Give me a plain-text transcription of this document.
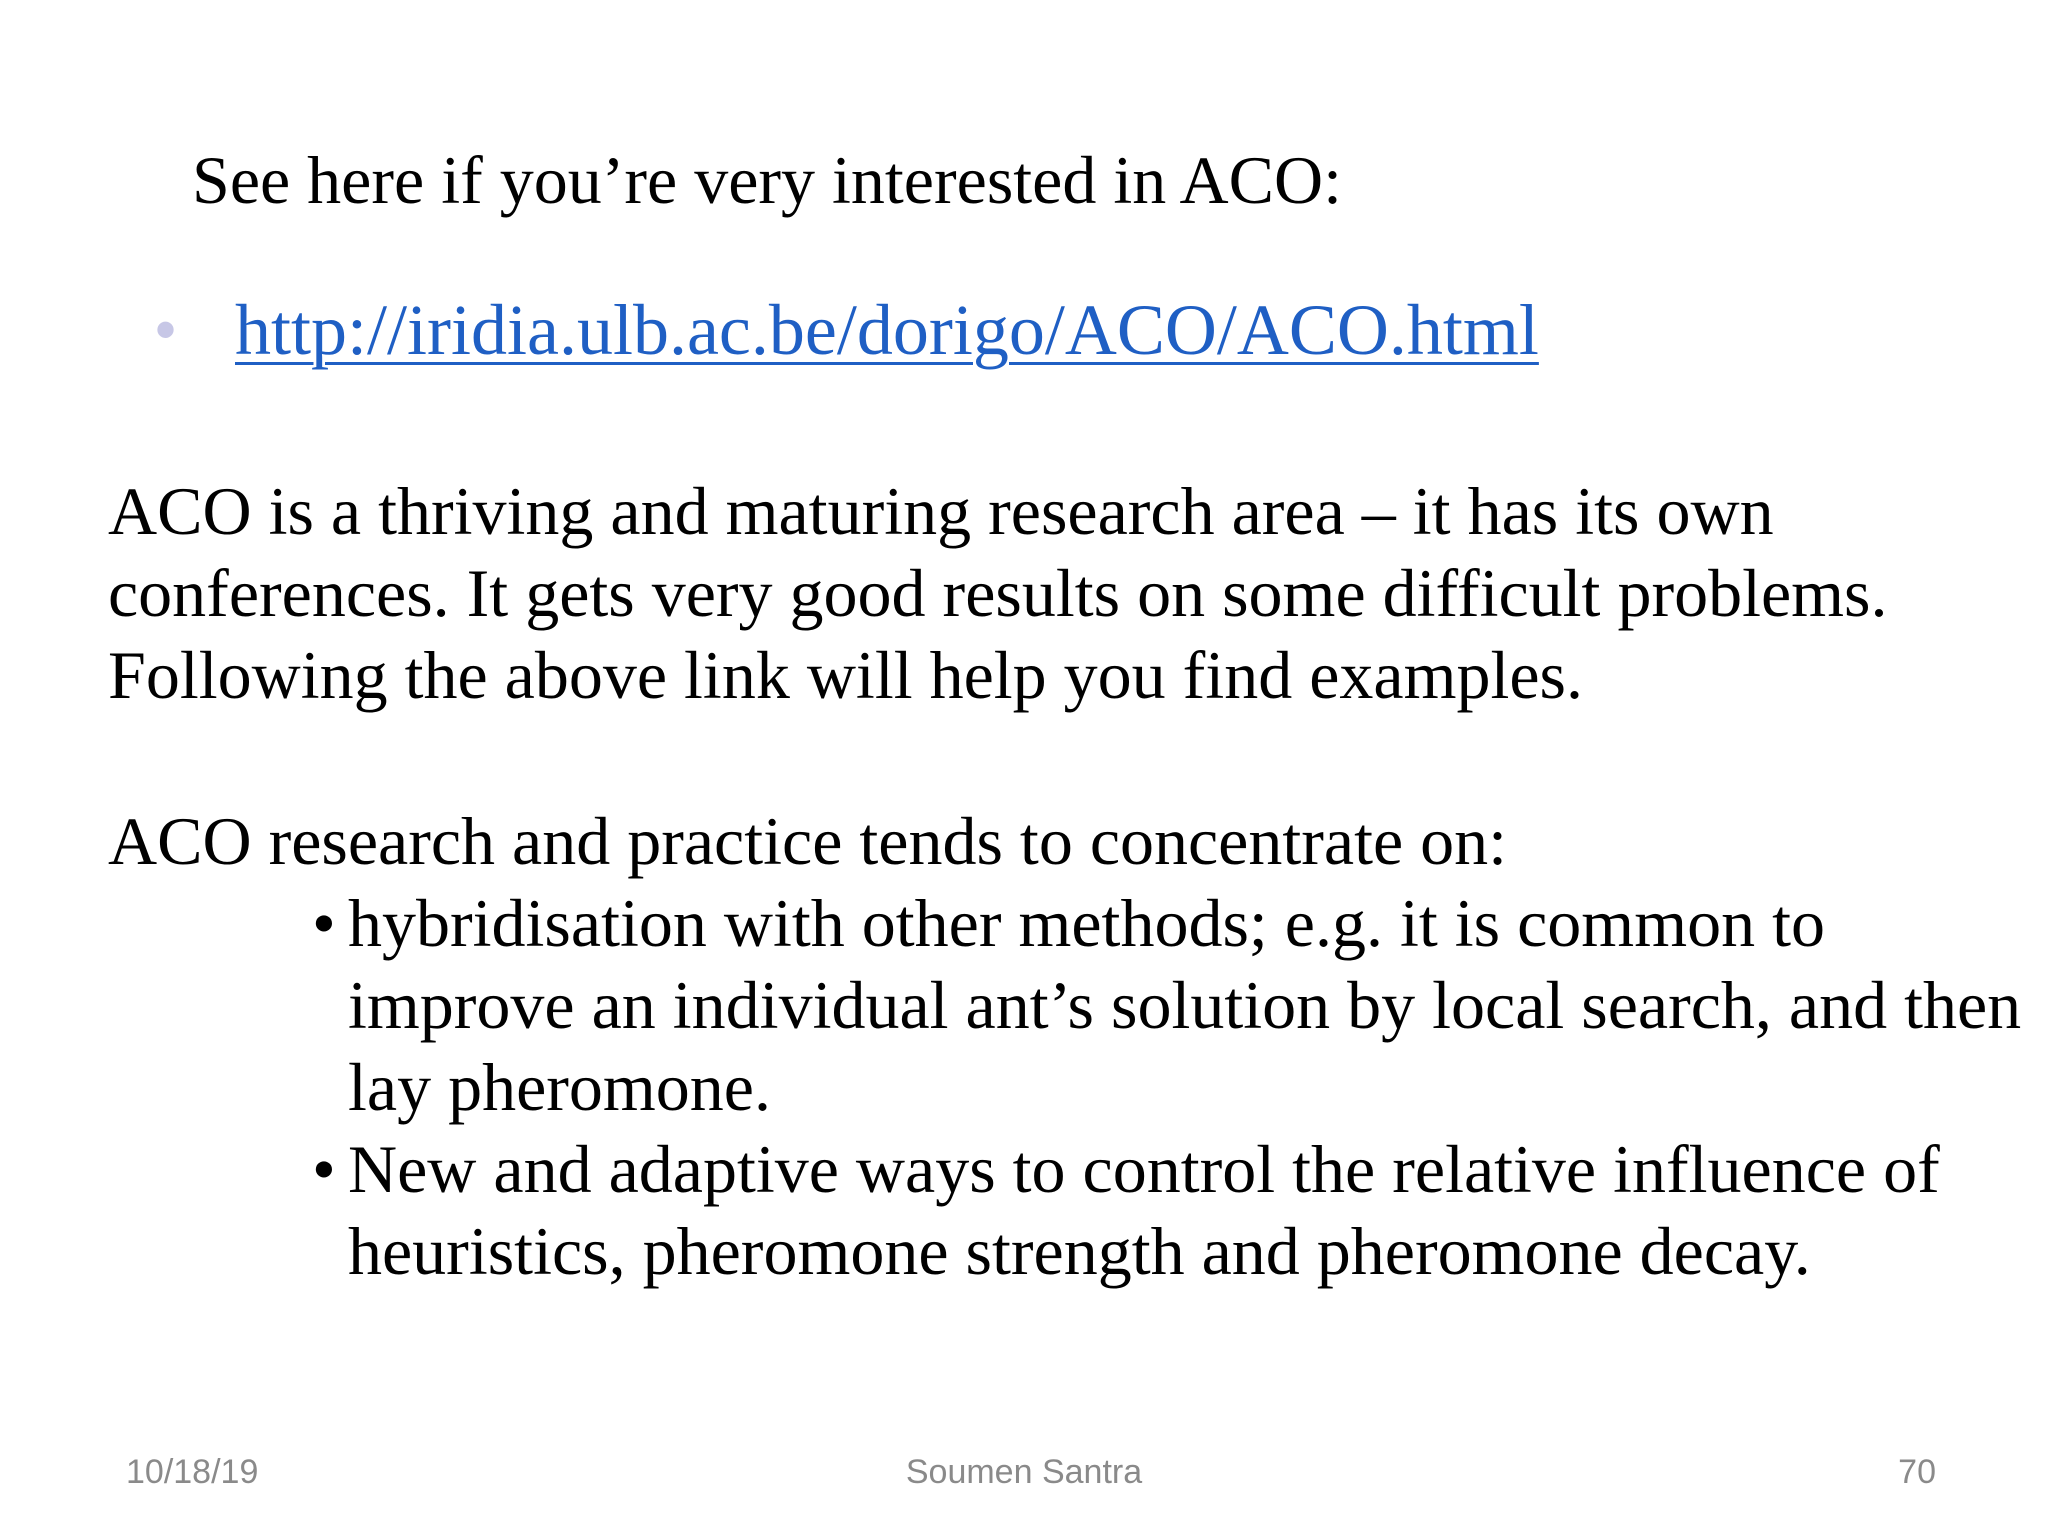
See here if you’re very interested in ACO:
• http://iridia.ulb.ac.be/dorigo/ACO/ACO.html
ACO is a thriving and maturing research area – it has its own
conferences. It gets very good results on some difficult problems.
Following the above link will help you find examples.
ACO research and practice tends to concentrate on:
• hybridisation with other methods; e.g. it is common to
improve an individual ant’s solution by local search, and then
lay pheromone.
• New and adaptive ways to control the relative influence of
heuristics, pheromone strength and pheromone decay.
10/18/19	Soumen Santra	70
